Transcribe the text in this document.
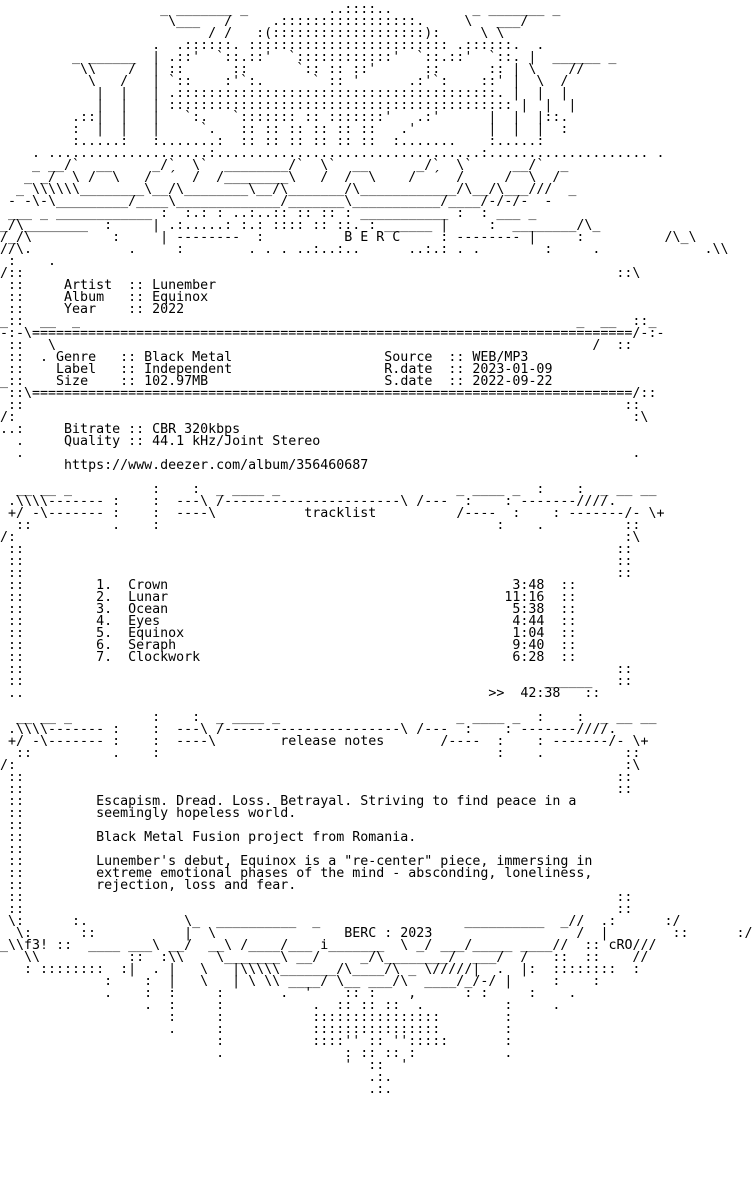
_ _______ _          ..::::..          _ _______ _
\___   /     .:::::::::::::::::.     \   ___/
/ /   :(:::::::::::::::::::):     \ \
.  .::::::. ::::::::::::::::::::::::: .::::::.  .
_ ______  | .::'  `::.::'  `::::::::::::'  `::.::'  `::. |  ______ _
\\    /  | ::      ::      `:: :: ::'      ::      :: | \    //
\   /   | `::    :'`:.      ` :: '      .:'`:    ::' |  \  /
|  |   | .::::::::::::::::::::::::::::::::::::::::. |  |  |
|  |   | ::::::::::::::::::::::::::::::::::::::::::: |  |  |
.::|  |   |   `:.   `::::::: :: :::::::'   .:'      |  |  |::.
:  |  |   |     `.   :: :: :: :: :: ::   .'         |  |  |  :
:.....:   :.......:  :: :: :: :: :: ::  :.......    :.....:
. ....................:.................................:.................... .
_ __/`  __     _/`  \`  ________/`  \`  __      _/`  \`     __/`  _
_ _/  \ /  \   /  ´  /  /________\   /  /  \    /  ´  /     /  \  /
_ \\\\\\________\__/\________\__/\_______/\____________/\__/\___///  _
- -\-\_________/____\_____________/_______\___________/____/-/-/-  -
___ _ ____________ :  :.: : ..:..:: :: :: : ___________ :  : ___ _
_/\________  :     | .:.....: :.: :::: :: ::. : ______ |     :  ________/\_
/_/\          :     | --------  :          B E R C     : -------- |     :          /\_\
//\.            .     :        . . . ..:..:..      ..:.: . .        :     .             .\\
:    .
/::                                                                          ::\
::     Artist  :: Lunember
::     Album   :: Equinox
::     Year    :: 2022
_::  __  _                                                              _  __  ::_
-:-\===========================================================================/-:-
::   \                                                                   /  ::
::  . Genre   :: Black Metal	Source  :: WEB/MP3
::    Label   :: Independent	R.date  :: 2023-01-09
_::    Size    :: 102.97MB	S.date  :: 2022-09-22
::\===========================================================================/::
::                                                                           ::
/:                                                                             :\
..:     Bitrate :: CBR 320kbps
.     Quality :: 44.1 kHz/Joint Stereo
.                                                                            .
https://www.deezer.com/album/356460687
__ __ _          :    :  _ ____ _                      _ ____ _  :    :  _ __ __
.\\\\------- :    :  ---\ /----------------------\ /---  :    : -------////.
+/ -\------- :    :  ----\           tracklist          /----  :    : -------/- \+
::          .    :                                          :    .          ::
/:                                                                            :\
::                                                                          ::
::                                                                          ::
::                                                                          ::
::         1. Crown	3:48  ::
::         2. Lunar	11:16  ::
::         3. Ocean	5:38  ::
::         4. Eyes	4:44  ::
::         5. Equinox	1:04  ::
::         6. Seraph	9:40  ::
::         7. Clockwork	6:28  ::
::                                                                          ::
::                                                                 ______   ::
..                                                          >> 42:38   ::
__ __ _          :    :  _ ____ _                      _ ____ _  :    :  _ __ __
.\\\\------- :    :  ---\ /----------------------\ /---  :    : -------////.
+/ -\------- :    :  ----\        release notes       /----  :    : -------/- \+
::          .    :                                          :    .          ::
/:                                                                            :\
::                                                                          ::
::                                                                          ::
::         Escapism. Dread. Loss. Betrayal. Striving to find peace in a
::         seemingly hopeless world.
::
::         Black Metal Fusion project from Romania.
::
::         Lunember's debut, Equinox is a "re-center" piece, immersing in
::         extreme emotional phases of the mind - absconding, loneliness,
::         rejection, loss and fear.
::                                                                          ::
::                                                                          ::
\:      :.            \_  __________  _                  __________  _//  .:      :/
\:      ::           |  \                BERC : 2023                  /  |        ::      :/
_\\f3! ::  ____ ___\ __/  __\ /____/___ i_______  \ _/ ___/_____ ____//  :: cRO///
\\           ::  :\\    \_______\ __/     _/\________/  ___/  /   ::  ::    //
: ::::::::  :|  . |   \   |\\\\\_______/\____/\ _ \/////|  .  |:  ::::::::  :
:    :  |   \   | \ \\ ____/ \__ ___/\  ____/_/-/ |     :    :
.    :  :     :       .  '    :: :    ,      : :     :    .
.  :     :           .  :: :: ::  .          :     .
:     :           ::::::::::::::::        :
.     :           ::::::::::::::::        :
:           ::::'' :: '':::::       :
.               : :: :: :           .
'  ::  '
.:.
.:.
